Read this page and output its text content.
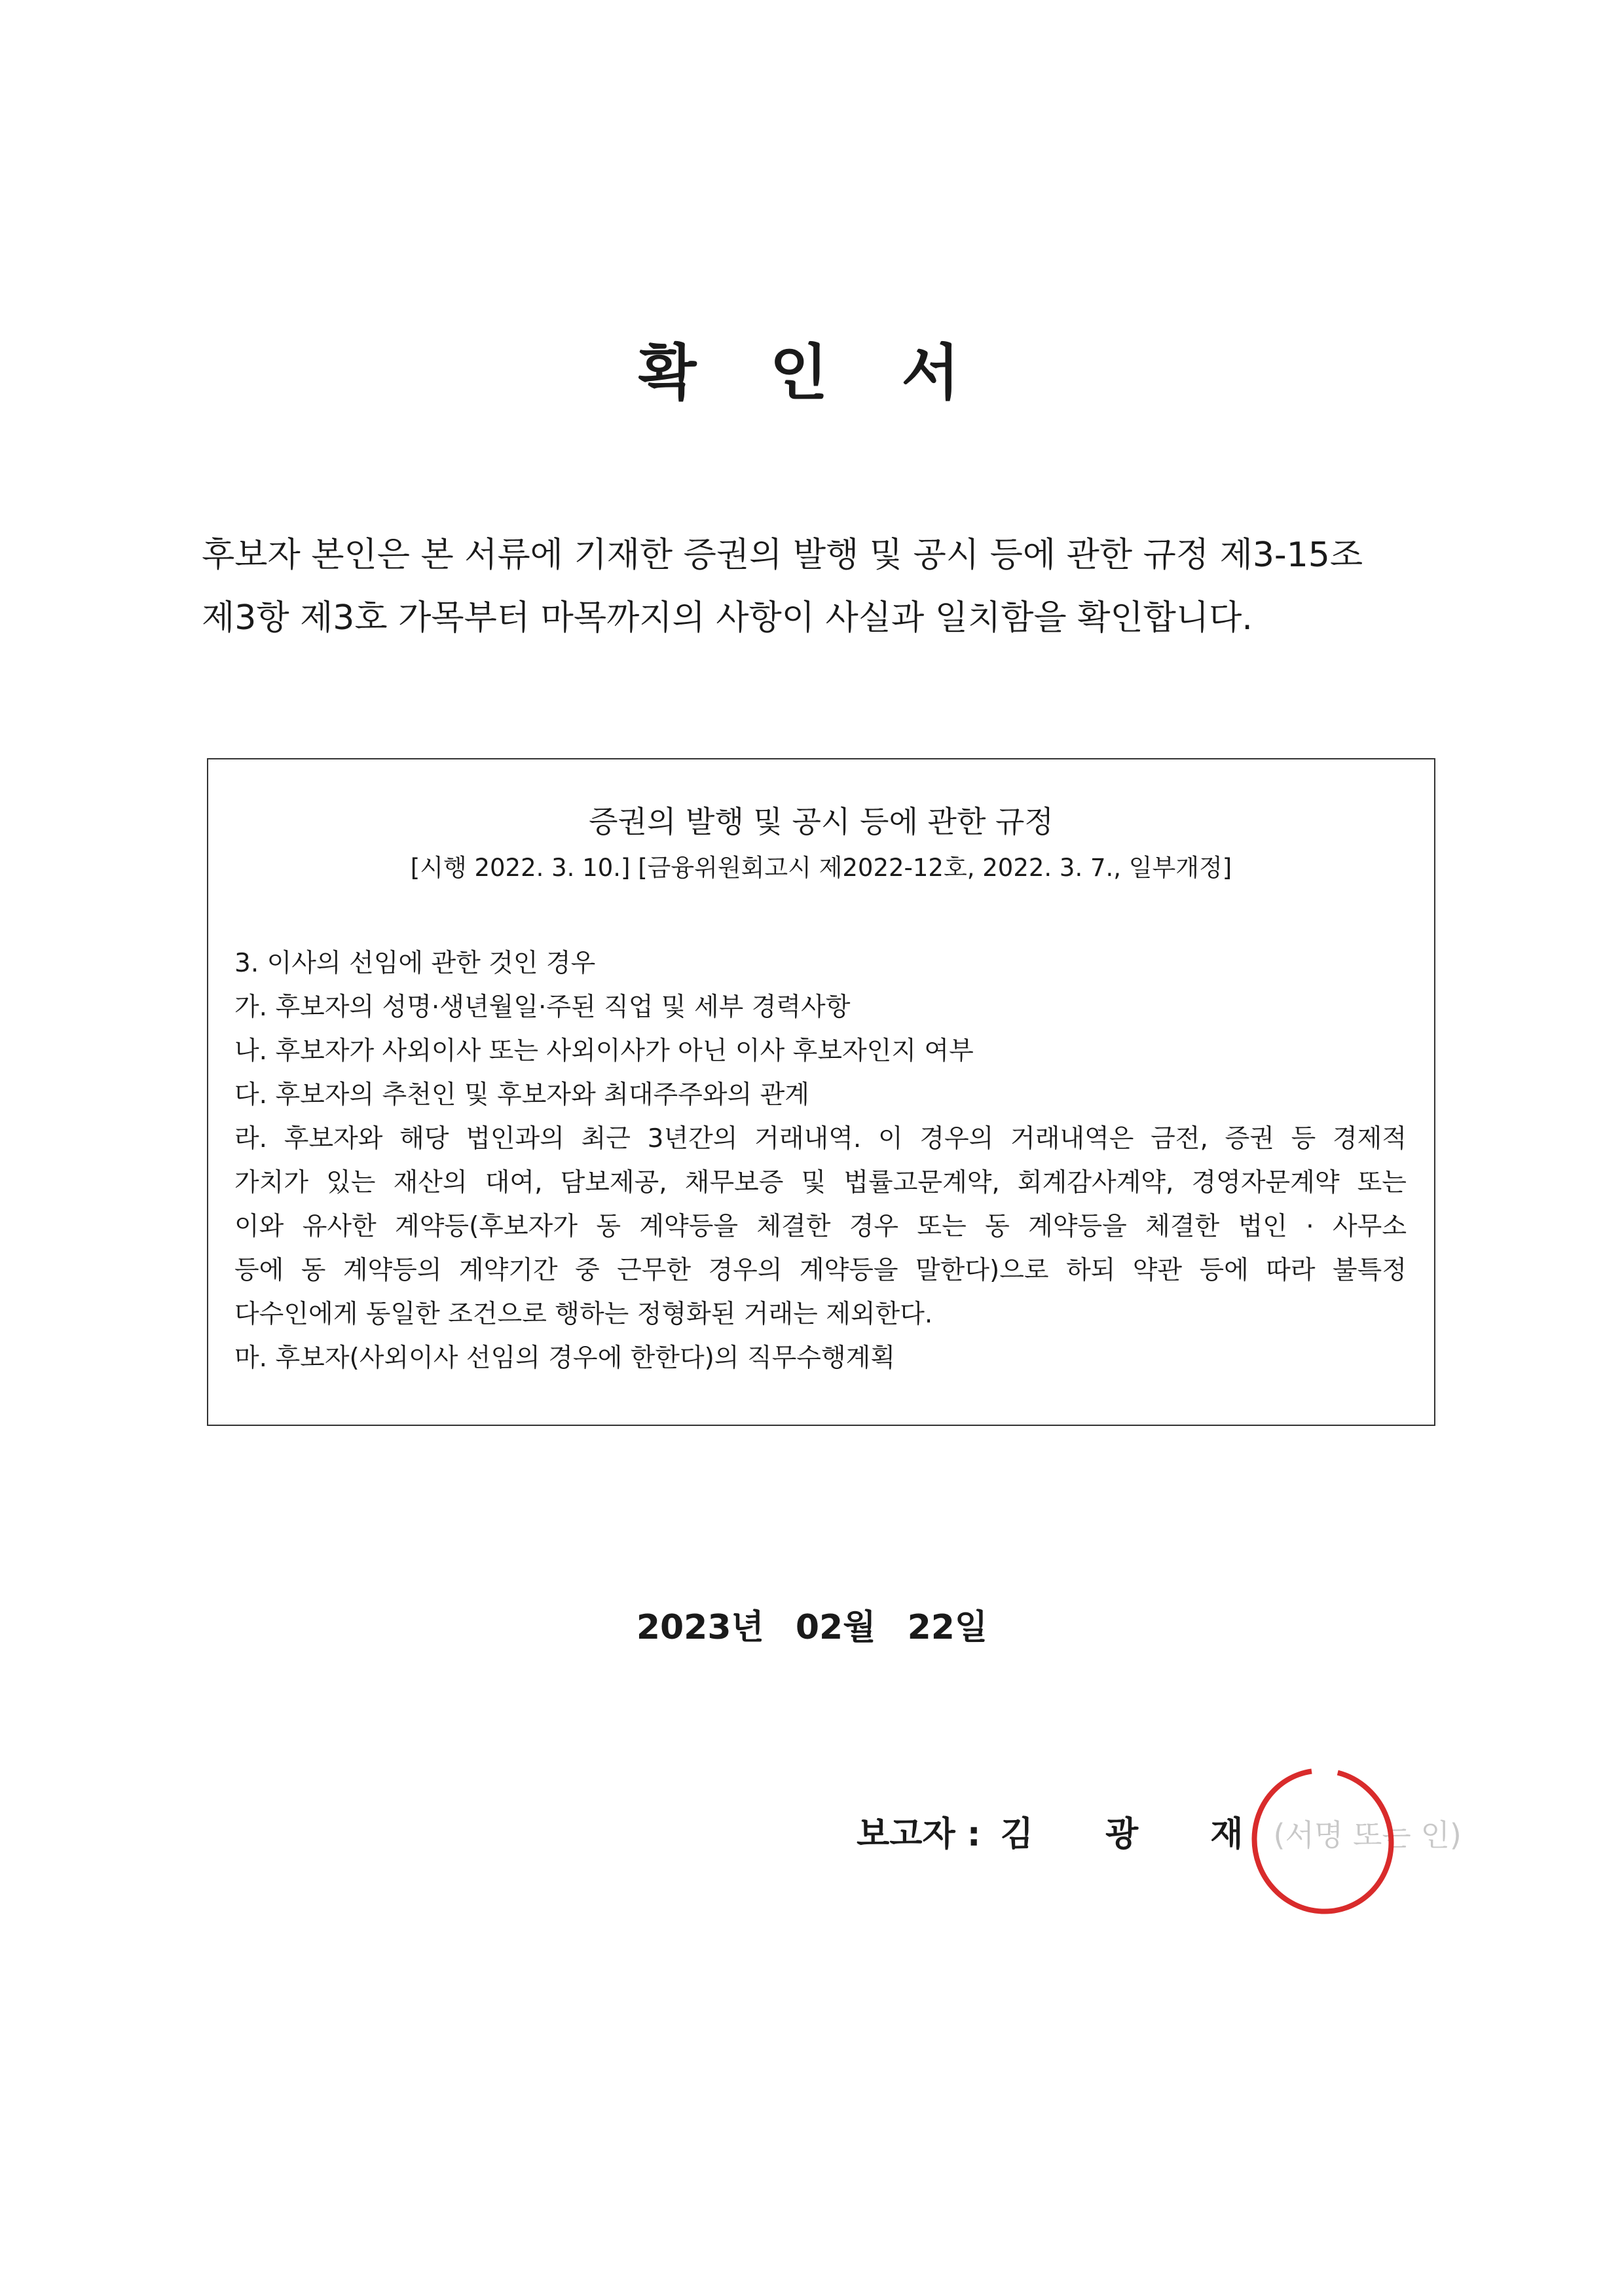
확 인 서
후보자 본인은 본 서류에 기재한 증권의 발행 및 공시 등에 관한 규정 제3-15조
제3항 제3호 가목부터 마목까지의 사항이 사실과 일치함을 확인합니다.
증권의 발행 및 공시 등에 관한 규정
[시행 2022. 3. 10.] [금융위원회고시 제2022-12호, 2022. 3. 7., 일부개정]
3. 이사의 선임에 관한 것인 경우
가. 후보자의 성명·생년월일·주된 직업 및 세부 경력사항
나. 후보자가 사외이사 또는 사외이사가 아닌 이사 후보자인지 여부
다. 후보자의 추천인 및 후보자와 최대주주와의 관계
라. 후보자와 해당 법인과의 최근 3년간의 거래내역. 이 경우의 거래내역은 금전, 증권 등 경제적
가치가 있는 재산의 대여, 담보제공, 채무보증 및 법률고문계약, 회계감사계약, 경영자문계약 또는
이와 유사한 계약등(후보자가 동 계약등을 체결한 경우 또는 동 계약등을 체결한 법인 · 사무소
등에 동 계약등의 계약기간 중 근무한 경우의 계약등을 말한다)으로 하되 약관 등에 따라 불특정
다수인에게 동일한 조건으로 행하는 정형화된 거래는 제외한다.
마. 후보자(사외이사 선임의 경우에 한한다)의 직무수행계획
2023년 02월 22일
보고자 : 김 광 재(서명 또는 인)
